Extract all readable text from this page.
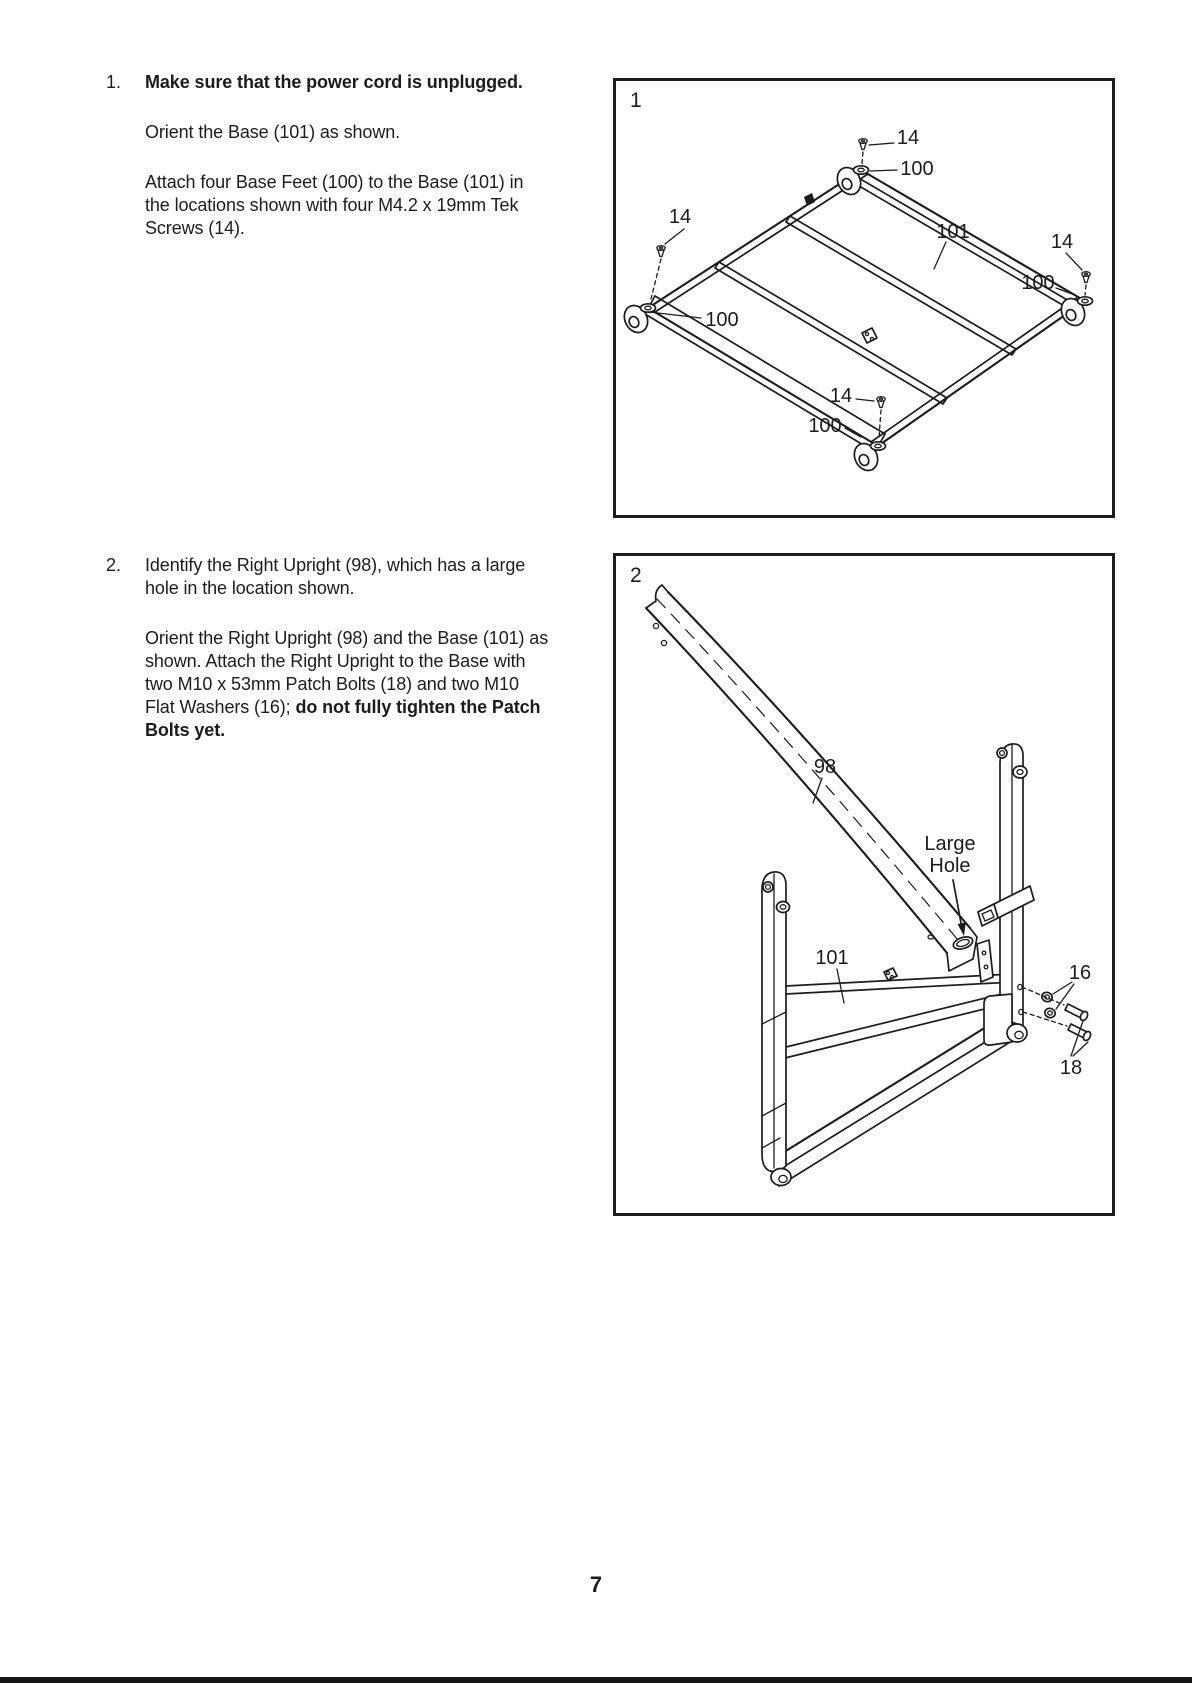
1.	Make sure that the power cord is unplugged.

Orient the Base (101) as shown.

Attach four Base Feet (100) to the Base (101) in the locations shown with four M4.2 x 19mm Tek Screws (14).

2.	Identify the Right Upright (98), which has a large hole in the location shown.

Orient the Right Upright (98) and the Base (101) as shown. Attach the Right Upright to the Base with two M10 x 53mm Patch Bolts (18) and two M10 Flat Washers (16); do not fully tighten the Patch Bolts yet.

1
14
100
14
100
101	14
100
14
100
2
98
Large Hole
101
16
18
7
